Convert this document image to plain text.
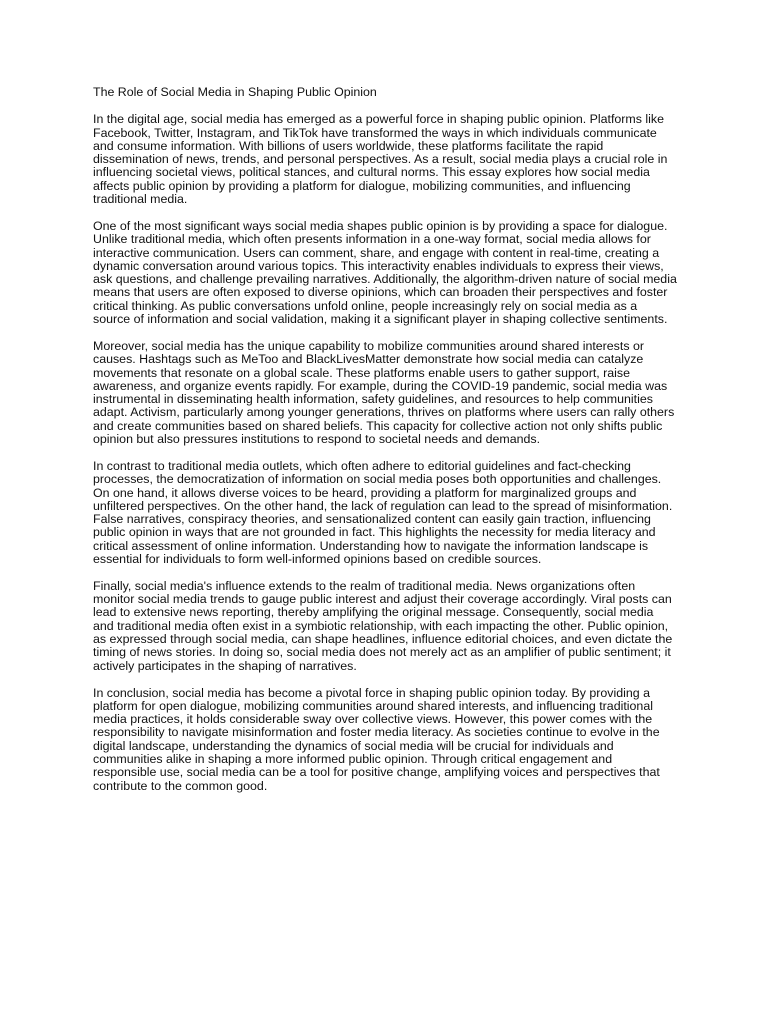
The Role of Social Media in Shaping Public Opinion

In the digital age, social media has emerged as a powerful force in shaping public opinion. Platforms like Facebook, Twitter, Instagram, and TikTok have transformed the ways in which individuals communicate and consume information. With billions of users worldwide, these platforms facilitate the rapid dissemination of news, trends, and personal perspectives. As a result, social media plays a crucial role in influencing societal views, political stances, and cultural norms. This essay explores how social media affects public opinion by providing a platform for dialogue, mobilizing communities, and influencing traditional media.

One of the most significant ways social media shapes public opinion is by providing a space for dialogue. Unlike traditional media, which often presents information in a one-way format, social media allows for interactive communication. Users can comment, share, and engage with content in real-time, creating a dynamic conversation around various topics. This interactivity enables individuals to express their views, ask questions, and challenge prevailing narratives. Additionally, the algorithm-driven nature of social media means that users are often exposed to diverse opinions, which can broaden their perspectives and foster critical thinking. As public conversations unfold online, people increasingly rely on social media as a source of information and social validation, making it a significant player in shaping collective sentiments.

Moreover, social media has the unique capability to mobilize communities around shared interests or causes. Hashtags such as MeToo and BlackLivesMatter demonstrate how social media can catalyze movements that resonate on a global scale. These platforms enable users to gather support, raise awareness, and organize events rapidly. For example, during the COVID-19 pandemic, social media was instrumental in disseminating health information, safety guidelines, and resources to help communities adapt. Activism, particularly among younger generations, thrives on platforms where users can rally others and create communities based on shared beliefs. This capacity for collective action not only shifts public opinion but also pressures institutions to respond to societal needs and demands.

In contrast to traditional media outlets, which often adhere to editorial guidelines and fact-checking processes, the democratization of information on social media poses both opportunities and challenges. On one hand, it allows diverse voices to be heard, providing a platform for marginalized groups and unfiltered perspectives. On the other hand, the lack of regulation can lead to the spread of misinformation. False narratives, conspiracy theories, and sensationalized content can easily gain traction, influencing public opinion in ways that are not grounded in fact. This highlights the necessity for media literacy and critical assessment of online information. Understanding how to navigate the information landscape is essential for individuals to form well-informed opinions based on credible sources.

Finally, social media's influence extends to the realm of traditional media. News organizations often monitor social media trends to gauge public interest and adjust their coverage accordingly. Viral posts can lead to extensive news reporting, thereby amplifying the original message. Consequently, social media and traditional media often exist in a symbiotic relationship, with each impacting the other. Public opinion, as expressed through social media, can shape headlines, influence editorial choices, and even dictate the timing of news stories. In doing so, social media does not merely act as an amplifier of public sentiment; it actively participates in the shaping of narratives.

In conclusion, social media has become a pivotal force in shaping public opinion today. By providing a platform for open dialogue, mobilizing communities around shared interests, and influencing traditional media practices, it holds considerable sway over collective views. However, this power comes with the responsibility to navigate misinformation and foster media literacy. As societies continue to evolve in the digital landscape, understanding the dynamics of social media will be crucial for individuals and communities alike in shaping a more informed public opinion. Through critical engagement and responsible use, social media can be a tool for positive change, amplifying voices and perspectives that contribute to the common good.
